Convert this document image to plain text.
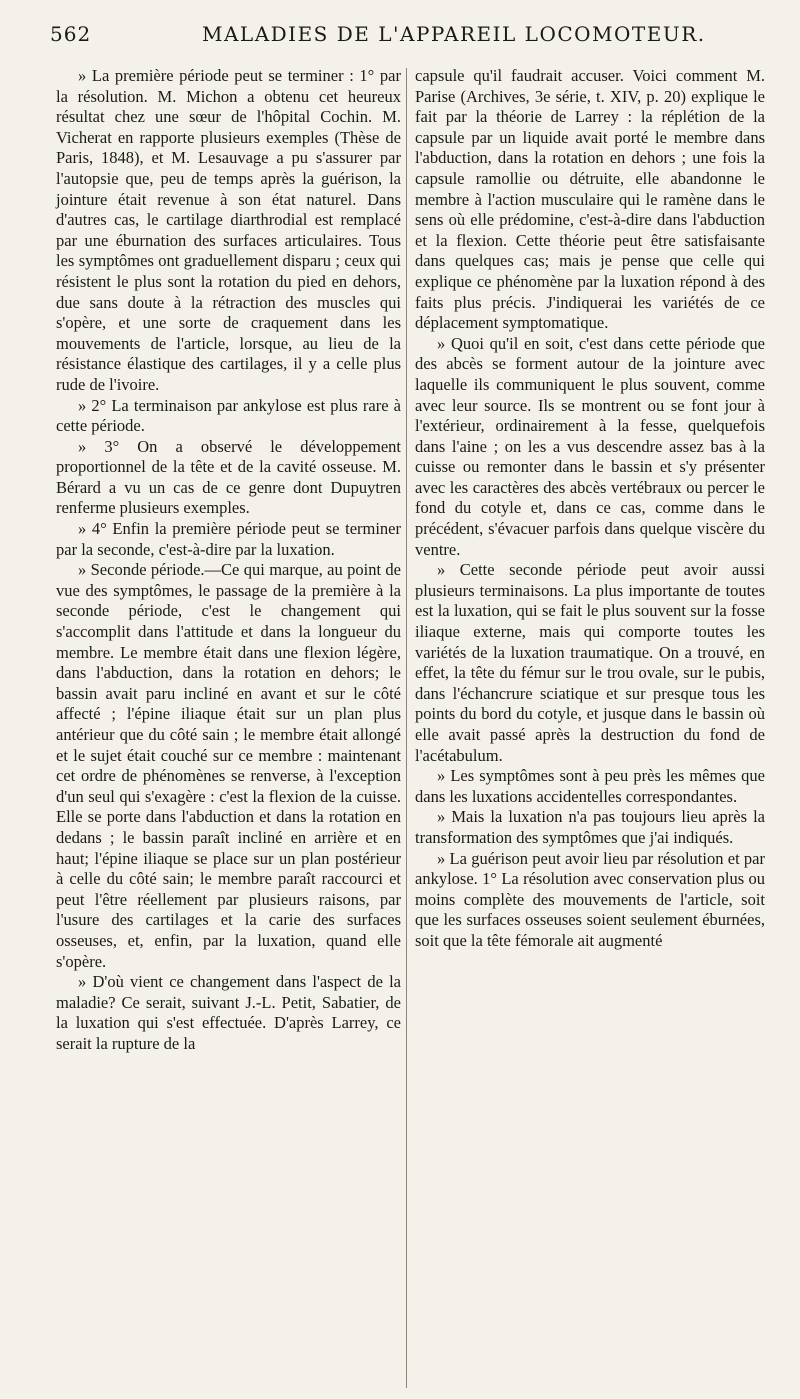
562	MALADIES DE L'APPAREIL LOCOMOTEUR.

» La première période peut se terminer : 1° par la résolution. M. Michon a obtenu cet heureux résultat chez une sœur de l'hôpital Cochin. M. Vicherat en rapporte plusieurs exemples (Thèse de Paris, 1848), et M. Lesauvage a pu s'assurer par l'autopsie que, peu de temps après la guérison, la jointure était revenue à son état naturel. Dans d'autres cas, le cartilage diarthrodial est remplacé par une éburnation des surfaces articulaires. Tous les symptômes ont graduellement disparu ; ceux qui résistent le plus sont la rotation du pied en dehors, due sans doute à la rétraction des muscles qui s'opère, et une sorte de craquement dans les mouvements de l'article, lorsque, au lieu de la résistance élastique des cartilages, il y a celle plus rude de l'ivoire.

» 2° La terminaison par ankylose est plus rare à cette période.

» 3° On a observé le développement proportionnel de la tête et de la cavité osseuse. M. Bérard a vu un cas de ce genre dont Dupuytren renferme plusieurs exemples.

» 4° Enfin la première période peut se terminer par la seconde, c'est-à-dire par la luxation.

» Seconde période.—Ce qui marque, au point de vue des symptômes, le passage de la première à la seconde période, c'est le changement qui s'accomplit dans l'attitude et dans la longueur du membre. Le membre était dans une flexion légère, dans l'abduction, dans la rotation en dehors; le bassin avait paru incliné en avant et sur le côté affecté ; l'épine iliaque était sur un plan plus antérieur que du côté sain ; le membre était allongé et le sujet était couché sur ce membre : maintenant cet ordre de phénomènes se renverse, à l'exception d'un seul qui s'exagère : c'est la flexion de la cuisse. Elle se porte dans l'abduction et dans la rotation en dedans ; le bassin paraît incliné en arrière et en haut; l'épine iliaque se place sur un plan postérieur à celle du côté sain; le membre paraît raccourci et peut l'être réellement par plusieurs raisons, par l'usure des cartilages et la carie des surfaces osseuses, et, enfin, par la luxation, quand elle s'opère.

» D'où vient ce changement dans l'aspect de la maladie? Ce serait, suivant J.-L. Petit, Sabatier, de la luxation qui s'est effectuée. D'après Larrey, ce serait la rupture de la

capsule qu'il faudrait accuser. Voici comment M. Parise (Archives, 3e série, t. XIV, p. 20) explique le fait par la théorie de Larrey : la réplétion de la capsule par un liquide avait porté le membre dans l'abduction, dans la rotation en dehors ; une fois la capsule ramollie ou détruite, elle abandonne le membre à l'action musculaire qui le ramène dans le sens où elle prédomine, c'est-à-dire dans l'abduction et la flexion. Cette théorie peut être satisfaisante dans quelques cas; mais je pense que celle qui explique ce phénomène par la luxation répond à des faits plus précis. J'indiquerai les variétés de ce déplacement symptomatique.

» Quoi qu'il en soit, c'est dans cette période que des abcès se forment autour de la jointure avec laquelle ils communiquent le plus souvent, comme avec leur source. Ils se montrent ou se font jour à l'extérieur, ordinairement à la fesse, quelquefois dans l'aine ; on les a vus descendre assez bas à la cuisse ou remonter dans le bassin et s'y présenter avec les caractères des abcès vertébraux ou percer le fond du cotyle et, dans ce cas, comme dans le précédent, s'évacuer parfois dans quelque viscère du ventre.

» Cette seconde période peut avoir aussi plusieurs terminaisons. La plus importante de toutes est la luxation, qui se fait le plus souvent sur la fosse iliaque externe, mais qui comporte toutes les variétés de la luxation traumatique. On a trouvé, en effet, la tête du fémur sur le trou ovale, sur le pubis, dans l'échancrure sciatique et sur presque tous les points du bord du cotyle, et jusque dans le bassin où elle avait passé après la destruction du fond de l'acétabulum.

» Les symptômes sont à peu près les mêmes que dans les luxations accidentelles correspondantes.

» Mais la luxation n'a pas toujours lieu après la transformation des symptômes que j'ai indiqués.

» La guérison peut avoir lieu par résolution et par ankylose. 1° La résolution avec conservation plus ou moins complète des mouvements de l'article, soit que les surfaces osseuses soient seulement éburnées, soit que la tête fémorale ait augmenté
